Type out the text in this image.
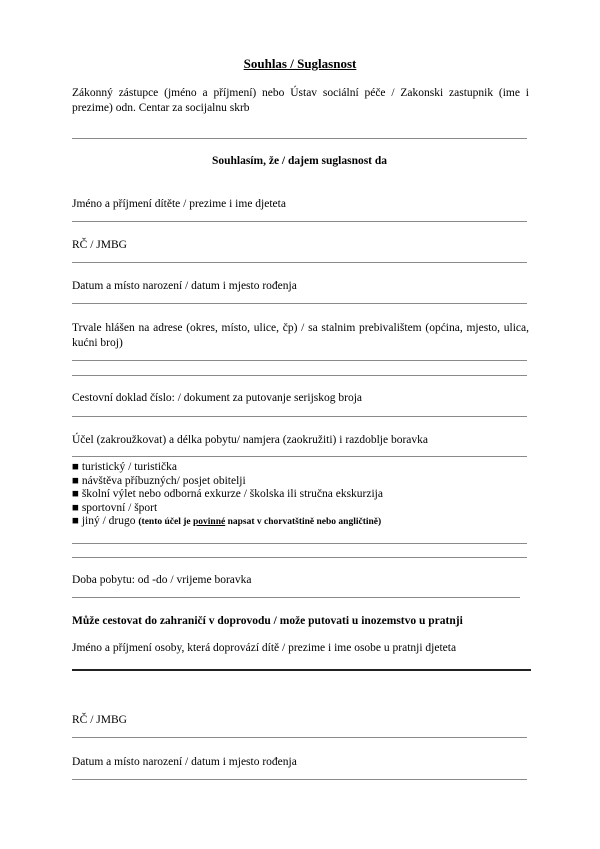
Souhlas / Suglasnost
Zákonný zástupce (jméno a příjmení) nebo Ústav sociální péče / Zakonski zastupnik (ime i prezime) odn. Centar za socijalnu skrb
Souhlasím, že / dajem suglasnost da
Jméno a příjmení dítěte / prezime i ime djeteta
RČ / JMBG
Datum a místo narození / datum i mjesto rođenja
Trvale hlášen na adrese (okres, místo, ulice, čp) / sa stalnim prebivalištem (općina, mjesto, ulica, kućni broj)
Cestovní doklad číslo: / dokument za putovanje serijskog broja
Účel (zakroužkovat) a délka pobytu/ namjera (zaokružiti) i razdoblje boravka
■ turistický / turistička
■ návštěva příbuzných/ posjet obitelji
■ školní výlet nebo odborná exkurze / školska ili stručna ekskurzija
■ sportovní / šport
■ jiný / drugo (tento účel je povinné napsat v chorvatštině nebo angličtině)
Doba pobytu: od -do / vrijeme boravka
Může cestovat do zahraničí v doprovodu / može putovati u inozemstvo u pratnji
Jméno a příjmení osoby, která doprovází dítě / prezime i ime osobe u pratnji djeteta
RČ / JMBG
Datum a místo narození / datum i mjesto rođenja
